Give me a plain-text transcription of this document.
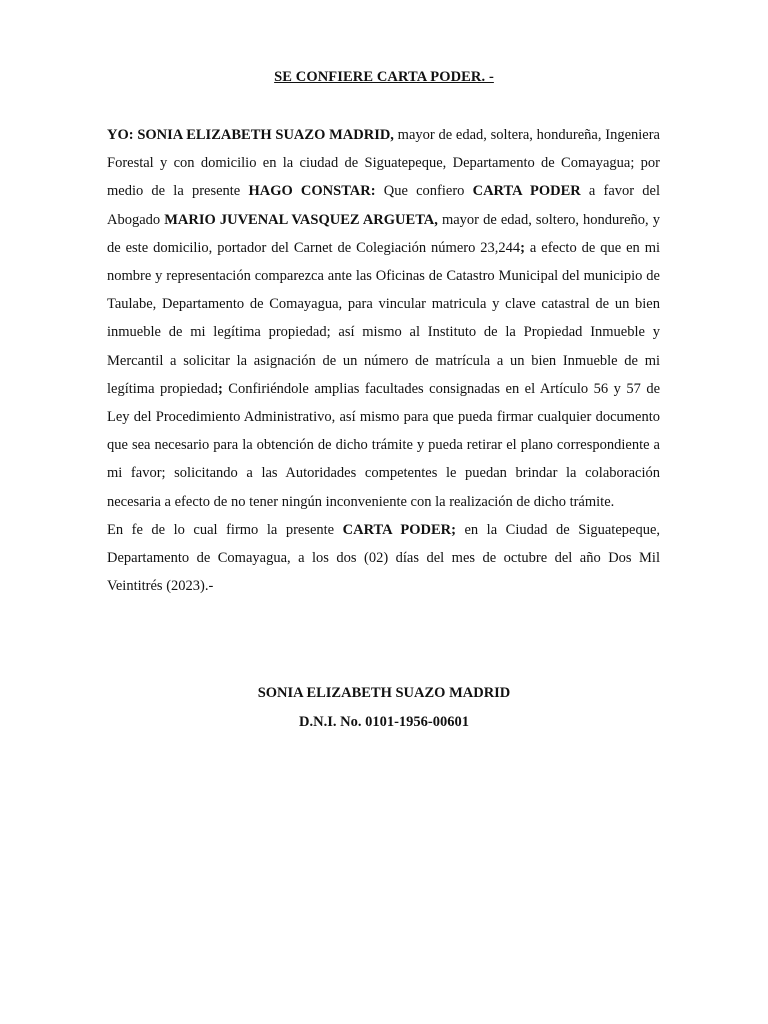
SE CONFIERE CARTA PODER. -

YO: SONIA ELIZABETH SUAZO MADRID, mayor de edad, soltera, hondureña, Ingeniera Forestal y con domicilio en la ciudad de Siguatepeque, Departamento de Comayagua; por medio de la presente HAGO CONSTAR: Que confiero CARTA PODER a favor del Abogado MARIO JUVENAL VASQUEZ ARGUETA, mayor de edad, soltero, hondureño, y de este domicilio, portador del Carnet de Colegiación número 23,244; a efecto de que en mi nombre y representación comparezca ante las Oficinas de Catastro Municipal del municipio de Taulabe, Departamento de Comayagua, para vincular matricula y clave catastral de un bien inmueble de mi legítima propiedad; así mismo al Instituto de la Propiedad Inmueble y Mercantil a solicitar la asignación de un número de matrícula a un bien Inmueble de mi legítima propiedad; Confiriéndole amplias facultades consignadas en el Artículo 56 y 57 de Ley del Procedimiento Administrativo, así mismo para que pueda firmar cualquier documento que sea necesario para la obtención de dicho trámite y pueda retirar el plano correspondiente a mi favor; solicitando a las Autoridades competentes le puedan brindar la colaboración necesaria a efecto de no tener ningún inconveniente con la realización de dicho trámite.

En fe de lo cual firmo la presente CARTA PODER; en la Ciudad de Siguatepeque, Departamento de Comayagua, a los dos (02) días del mes de octubre del año Dos Mil Veintitrés (2023).-

SONIA ELIZABETH SUAZO MADRID
D.N.I. No. 0101-1956-00601
